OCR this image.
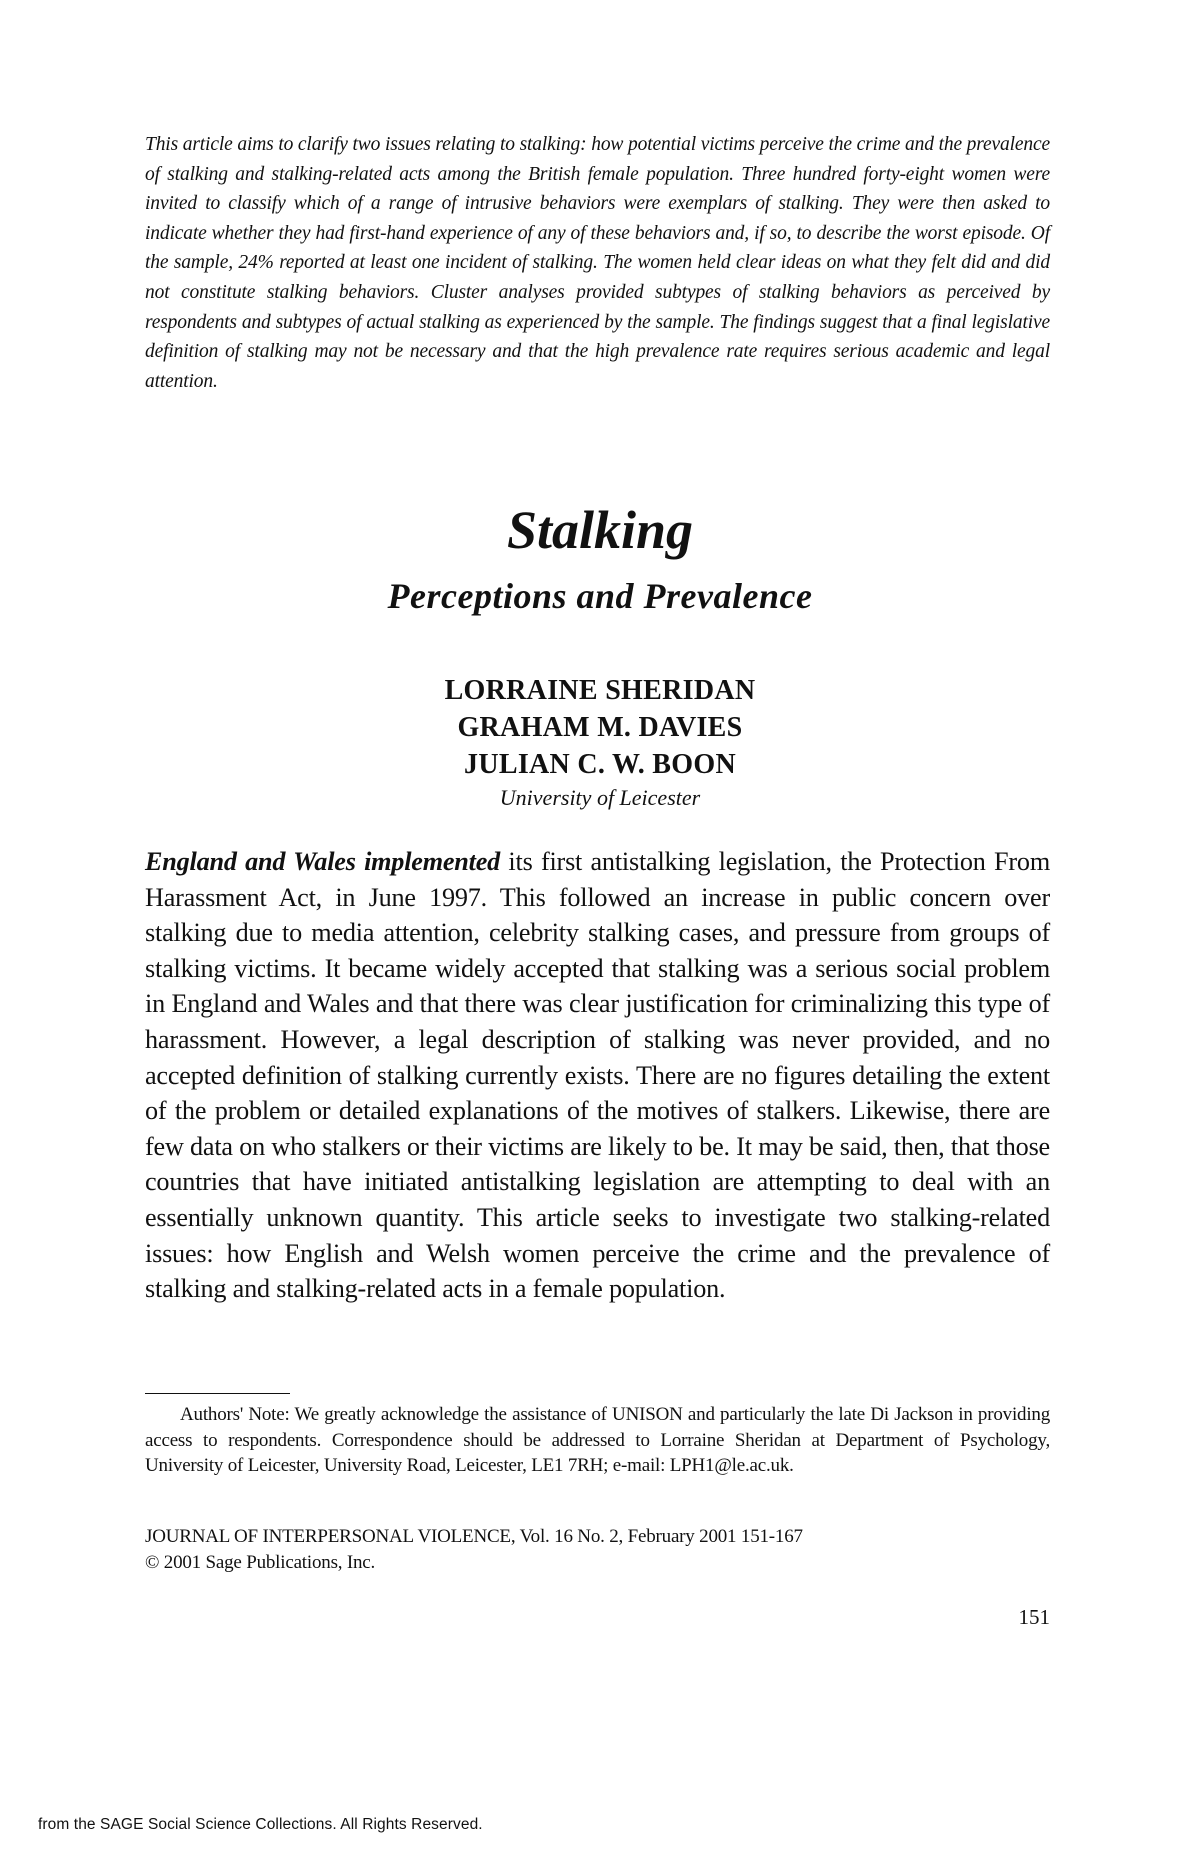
This article aims to clarify two issues relating to stalking: how potential victims perceive the crime and the prevalence of stalking and stalking-related acts among the British female population. Three hundred forty-eight women were invited to classify which of a range of intrusive behaviors were exemplars of stalking. They were then asked to indicate whether they had first-hand experience of any of these behaviors and, if so, to describe the worst episode. Of the sample, 24% reported at least one incident of stalking. The women held clear ideas on what they felt did and did not constitute stalking behaviors. Cluster analyses provided subtypes of stalking behaviors as perceived by respondents and subtypes of actual stalking as experienced by the sample. The findings suggest that a final legislative definition of stalking may not be necessary and that the high prevalence rate requires serious academic and legal attention.
Stalking
Perceptions and Prevalence
LORRAINE SHERIDAN
GRAHAM M. DAVIES
JULIAN C. W. BOON
University of Leicester
England and Wales implemented its first antistalking legislation, the Protection From Harassment Act, in June 1997. This followed an increase in public concern over stalking due to media attention, celebrity stalking cases, and pressure from groups of stalking victims. It became widely accepted that stalking was a serious social problem in England and Wales and that there was clear justification for criminalizing this type of harassment. However, a legal description of stalking was never provided, and no accepted definition of stalking currently exists. There are no figures detailing the extent of the problem or detailed explanations of the motives of stalkers. Likewise, there are few data on who stalkers or their victims are likely to be. It may be said, then, that those countries that have initiated antistalking legislation are attempting to deal with an essentially unknown quantity. This article seeks to investigate two stalking-related issues: how English and Welsh women perceive the crime and the prevalence of stalking and stalking-related acts in a female population.
Authors' Note: We greatly acknowledge the assistance of UNISON and particularly the late Di Jackson in providing access to respondents. Correspondence should be addressed to Lorraine Sheridan at Department of Psychology, University of Leicester, University Road, Leicester, LE1 7RH; e-mail: LPH1@le.ac.uk.
JOURNAL OF INTERPERSONAL VIOLENCE, Vol. 16 No. 2, February 2001 151-167
© 2001 Sage Publications, Inc.
151
from the SAGE Social Science Collections. All Rights Reserved.
